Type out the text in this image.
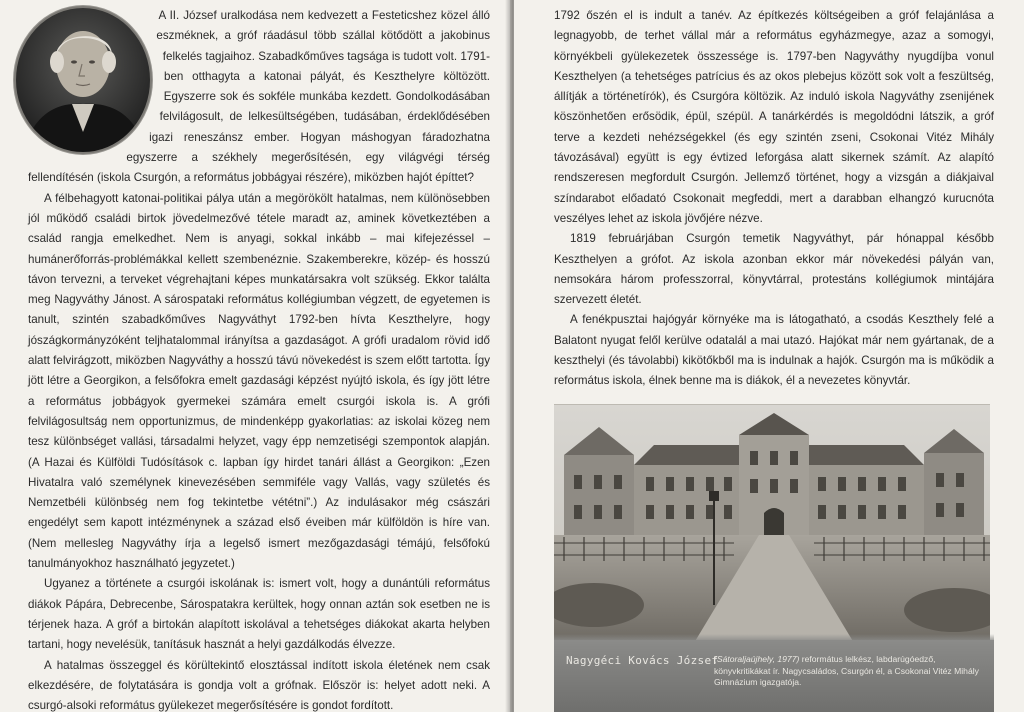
A II. József uralkodása nem kedvezett a Festeticshez közel álló eszméknek, a gróf ráadásul több szállal kötődött a jakobinus felkelés tagjaihoz. Szabadkőműves tagsága is tudott volt. 1791-ben otthagyta a katonai pályát, és Keszthelyre költözött. Egyszerre sok és sokféle munkába kezdett. Gondolkodásában felvilágosult, de lelkesültségében, tudásában, érdeklődésében igazi reneszánsz ember. Hogyan máshogyan fáradozhatna egyszerre a székhely megerősítésén, egy világvégi térség fellendítésén (iskola Csurgón, a református jobbágyai részére), miközben hajót építtet?

A félbehagyott katonai-politikai pálya után a megörökölt hatalmas, nem különösebben jól működő családi birtok jövedelmezővé tétele maradt az, aminek következtében a család rangja emelkedhet. Nem is anyagi, sokkal inkább – mai kifejezéssel – humánerőforrás-problémákkal kellett szembenéznie. Szakemberekre, közép- és hosszú távon tervezni, a terveket végrehajtani képes munkatársakra volt szükség. Ekkor találta meg Nagyváthy Jánost. A sárospataki református kollégiumban végzett, de egyetemen is tanult, szintén szabadkőműves Nagyváthyt 1792-ben hívta Keszthelyre, hogy jószágkormányzóként teljhatalommal irányítsa a gazdaságot. A grófi uradalom rövid idő alatt felvirágzott, miközben Nagyváthy a hosszú távú növekedést is szem előtt tartotta. Így jött létre a Georgikon, a felsőfokra emelt gazdasági képzést nyújtó iskola, és így jött létre a református jobbágyok gyermekei számára emelt csurgói iskola is. A grófi felvilágosultság nem opportunizmus, de mindenképp gyakorlatias: az iskolai közeg nem tesz különbséget vallási, társadalmi helyzet, vagy épp nemzetiségi szempontok alapján. (A Hazai és Külföldi Tudósítások c. lapban így hirdet tanári állást a Georgikon: „Ezen Hivatalra való személynek kinevezésében semmiféle vagy Vallás, vagy születés és Nemzetbéli különbség nem fog tekintetbe vététni”.) Az indulásakor még császári engedélyt sem kapott intézménynek a század első éveiben már külföldön is híre van. (Nem mellesleg Nagyváthy írja a legelső ismert mezőgazdasági témájú, felsőfokú tanulmányokhoz használható jegyzetet.)

Ugyanez a története a csurgói iskolának is: ismert volt, hogy a dunántúli református diákok Pápára, Debrecenbe, Sárospatakra kerültek, hogy onnan aztán sok esetben ne is térjenek haza. A gróf a birtokán alapított iskolával a tehetséges diákokat akarta helyben tartani, hogy nevelésük, tanításuk hasznát a helyi gazdálkodás élvezze.

A hatalmas összeggel és körültekintő elosztással indított iskola életének nem csak elkezdésére, de folytatására is gondja volt a grófnak. Először is: helyet adott neki. A csurgó-alsoki református gyülekezet megerősítésére is gondot fordított.

1792 őszén el is indult a tanév. Az építkezés költségeiben a gróf felajánlása a legnagyobb, de terhet vállal már a református egyházmegye, azaz a somogyi, környékbeli gyülekezetek összessége is. 1797-ben Nagyváthy nyugdíjba vonul Keszthelyen (a tehetséges patrícius és az okos plebejus között sok volt a feszültség, állítják a történetírók), és Csurgóra költözik. Az induló iskola Nagyváthy zsenijének köszönhetően erősödik, épül, szépül. A tanárkérdés is megoldódni látszik, a gróf terve a kezdeti nehézségekkel (és egy szintén zseni, Csokonai Vitéz Mihály távozásával) együtt is egy évtized leforgása alatt sikernek számít. Az alapító rendszeresen megfordult Csurgón. Jellemző történet, hogy a vizsgán a diákjaival színdarabot előadató Csokonait megfeddi, mert a darabban elhangzó kurucnóta veszélyes lehet az iskola jövőjére nézve.

1819 februárjában Csurgón temetik Nagyváthyt, pár hónappal később Keszthelyen a grófot. Az iskola azonban ekkor már növekedési pályán van, nemsokára három professzorral, könyvtárral, protestáns kollégiumok mintájára szervezett életét.

A fenékpusztai hajógyár környéke ma is látogatható, a csodás Keszthely felé a Balatont nyugat felől kerülve odatalál a mai utazó. Hajókat már nem gyártanak, de a keszthelyi (és távolabbi) kikötőkből ma is indulnak a hajók. Csurgón ma is működik a református iskola, élnek benne ma is diákok, él a nevezetes könyvtár.

Nagygéci Kovács József
(Sátoraljaújhely, 1977) református lelkész, labdarúgóedző, könyvkritikákat ír. Nagycsaládos, Csurgón él, a Csokonai Vitéz Mihály Gimnázium igazgatója.
